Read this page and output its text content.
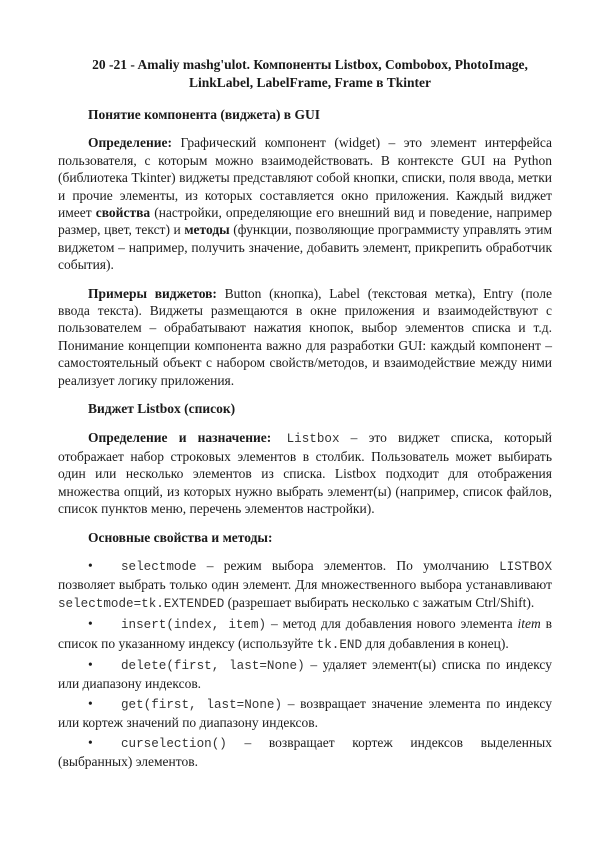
20 -21 - Amaliy mashg'ulot. Компоненты Listbox, Combobox, PhotoImage,
LinkLabel, LabelFrame, Frame в Tkinter
Понятие компонента (виджета) в GUI

Определение: Графический компонент (widget) – это элемент интерфейса пользователя, с которым можно взаимодействовать. В контексте GUI на Python (библиотека Tkinter) виджеты представляют собой кнопки, списки, поля ввода, метки и прочие элементы, из которых составляется окно приложения. Каждый виджет имеет свойства (настройки, определяющие его внешний вид и поведение, например размер, цвет, текст) и методы (функции, позволяющие программисту управлять этим виджетом – например, получить значение, добавить элемент, прикрепить обработчик события).

Примеры виджетов: Button (кнопка), Label (текстовая метка), Entry (поле ввода текста). Виджеты размещаются в окне приложения и взаимодействуют с пользователем – обрабатывают нажатия кнопок, выбор элементов списка и т.д. Понимание концепции компонента важно для разработки GUI: каждый компонент – самостоятельный объект с набором свойств/методов, и взаимодействие между ними реализует логику приложения.

Виджет Listbox (список)

Определение и назначение: Listbox – это виджет списка, который отображает набор строковых элементов в столбик. Пользователь может выбирать один или несколько элементов из списка. Listbox подходит для отображения множества опций, из которых нужно выбрать элемент(ы) (например, список файлов, список пунктов меню, перечень элементов настройки).

Основные свойства и методы:
• selectmode – режим выбора элементов. По умолчанию LISTBOX позволяет выбрать только один элемент. Для множественного выбора устанавливают selectmode=tk.EXTENDED (разрешает выбирать несколько с зажатым Ctrl/Shift).
• insert(index, item) – метод для добавления нового элемента item в список по указанному индексу (используйте tk.END для добавления в конец).
• delete(first, last=None) – удаляет элемент(ы) списка по индексу или диапазону индексов.
• get(first, last=None) – возвращает значение элемента по индексу или кортеж значений по диапазону индексов.
• curselection() – возвращает кортеж индексов выделенных (выбранных) элементов.
